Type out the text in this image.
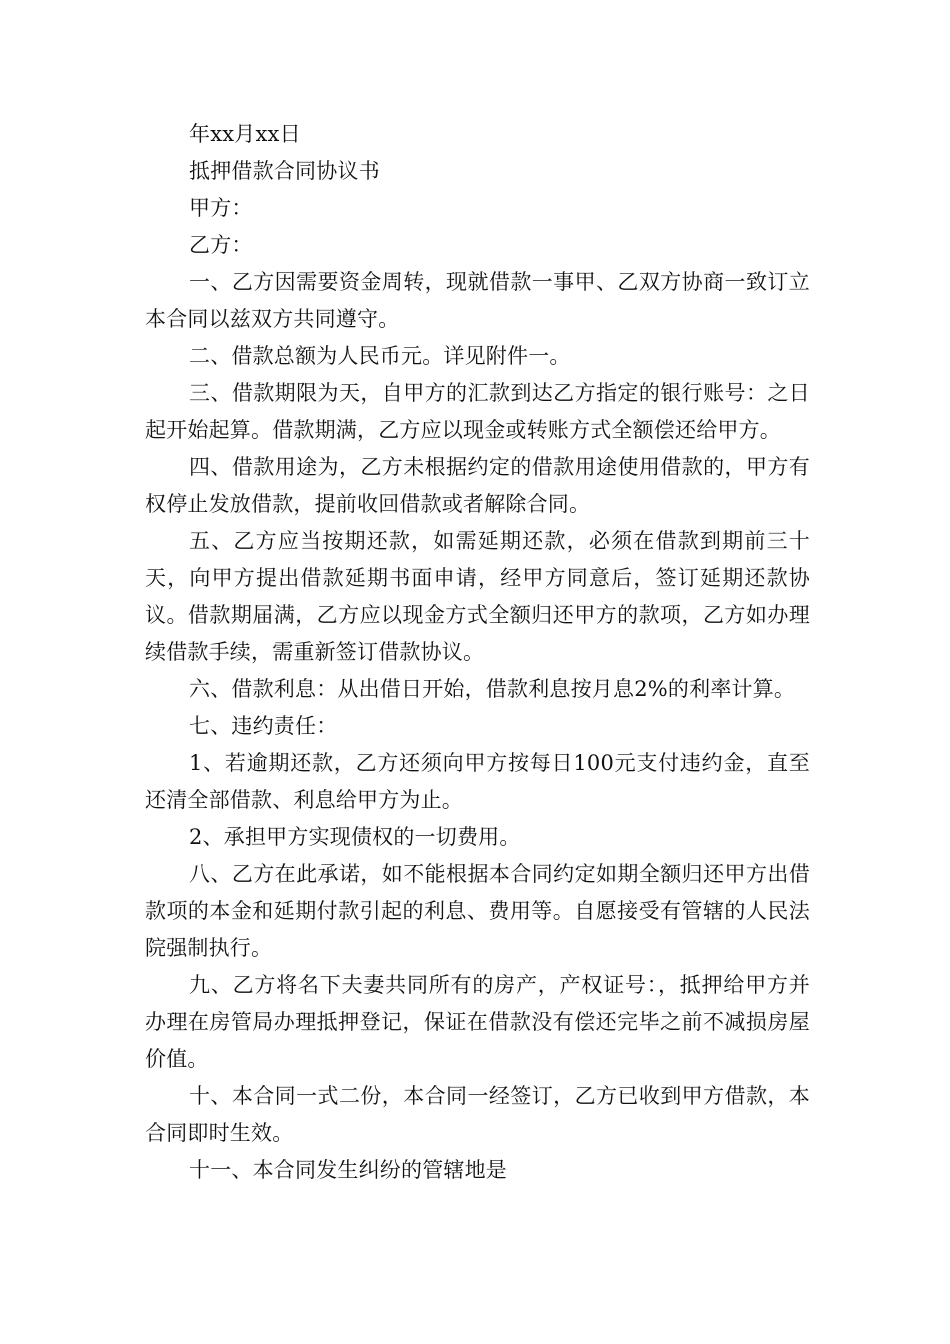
年xx月xx日

抵押借款合同协议书

甲方：

乙方：

一、乙方因需要资金周转，现就借款一事甲、乙双方协商一致订立本合同以兹双方共同遵守。

二、借款总额为人民币元。详见附件一。

三、借款期限为天，自甲方的汇款到达乙方指定的银行账号：之日起开始起算。借款期满，乙方应以现金或转账方式全额偿还给甲方。

四、借款用途为，乙方未根据约定的借款用途使用借款的，甲方有权停止发放借款，提前收回借款或者解除合同。

五、乙方应当按期还款，如需延期还款，必须在借款到期前三十天，向甲方提出借款延期书面申请，经甲方同意后，签订延期还款协议。借款期届满，乙方应以现金方式全额归还甲方的款项，乙方如办理续借款手续，需重新签订借款协议。

六、借款利息：从出借日开始，借款利息按月息2%的利率计算。

七、违约责任：

1、若逾期还款，乙方还须向甲方按每日100元支付违约金，直至还清全部借款、利息给甲方为止。

2、承担甲方实现债权的一切费用。

八、乙方在此承诺，如不能根据本合同约定如期全额归还甲方出借款项的本金和延期付款引起的利息、费用等。自愿接受有管辖的人民法院强制执行。

九、乙方将名下夫妻共同所有的房产，产权证号：，抵押给甲方并办理在房管局办理抵押登记，保证在借款没有偿还完毕之前不减损房屋价值。

十、本合同一式二份，本合同一经签订，乙方已收到甲方借款，本合同即时生效。

十一、本合同发生纠纷的管辖地是
